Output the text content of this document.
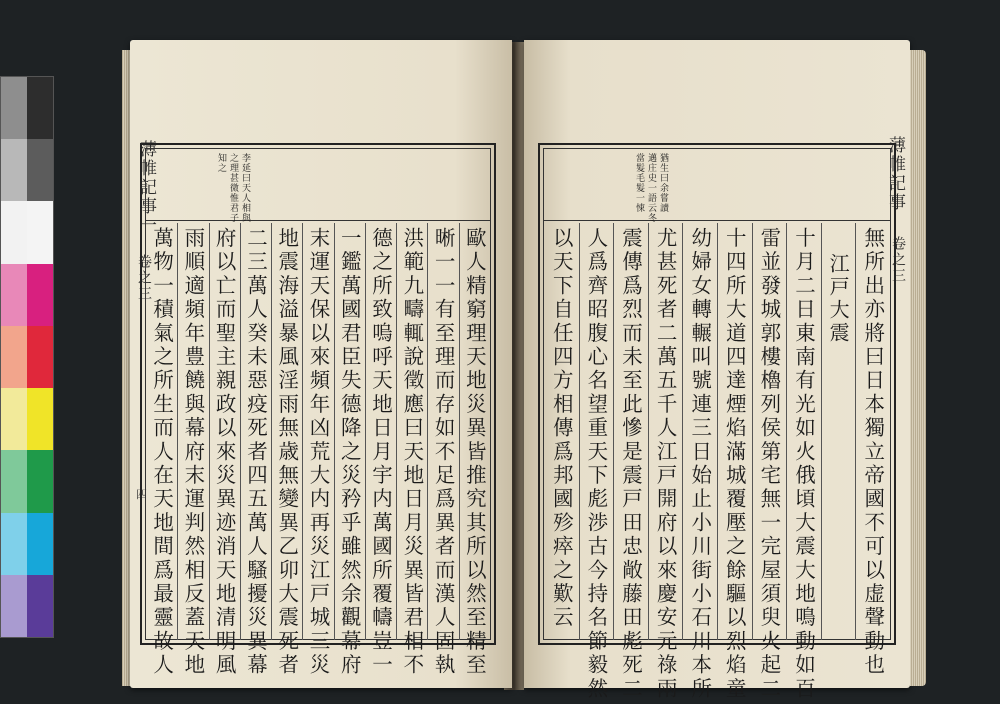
薄帷記事一
卷之三
四
李延曰天人相與
之理甚微惟君子
知之
歐人精窮理天地災異皆推究其所以然至精至
晰一一有至理而存如不足爲異者而漢人固執
洪範九疇輒說徵應曰天地日月災異皆君相不
德之所致嗚呼天地日月宇内萬國所覆幬豈一
一鑑萬國君臣失德降之災矜乎雖然余觀幕府
末運天保以來頻年凶荒大内再災江戸城三災
地震海溢暴風淫雨無歳無變異乙卯大震死者
二三萬人癸未惡疫死者四五萬人騷擾災異幕
府以亡而聖主親政以來災異迹消天地清明風
雨順適頻年豊饒與幕府末運判然相反蓋天地
萬物一積氣之所生而人在天地間爲最靈故人
薄帷記事
卷之三
猶生曰余嘗讀
邁庄史一語云冬
當髮毛髮一悚
無所出亦將曰日本獨立帝國不可以虚聲動也
江戸大震
十月二日東南有光如火俄頃大震大地鳴動如百
雷並發城郭樓櫓列侯第宅無一完屋須臾火起二
十四所大道四達煙焰滿城覆壓之餘驅以烈焰童
幼婦女轉輾叫號連三日始止小川街小石川本所
尤甚死者二萬五千人江戸開府以來慶安元祿兩
震傳爲烈而未至此慘是震戸田忠敞藤田彪死二
人爲齊昭腹心名望重天下彪渉古今持名節毅然
以天下自任四方相傳爲邦國殄瘁之歎云
